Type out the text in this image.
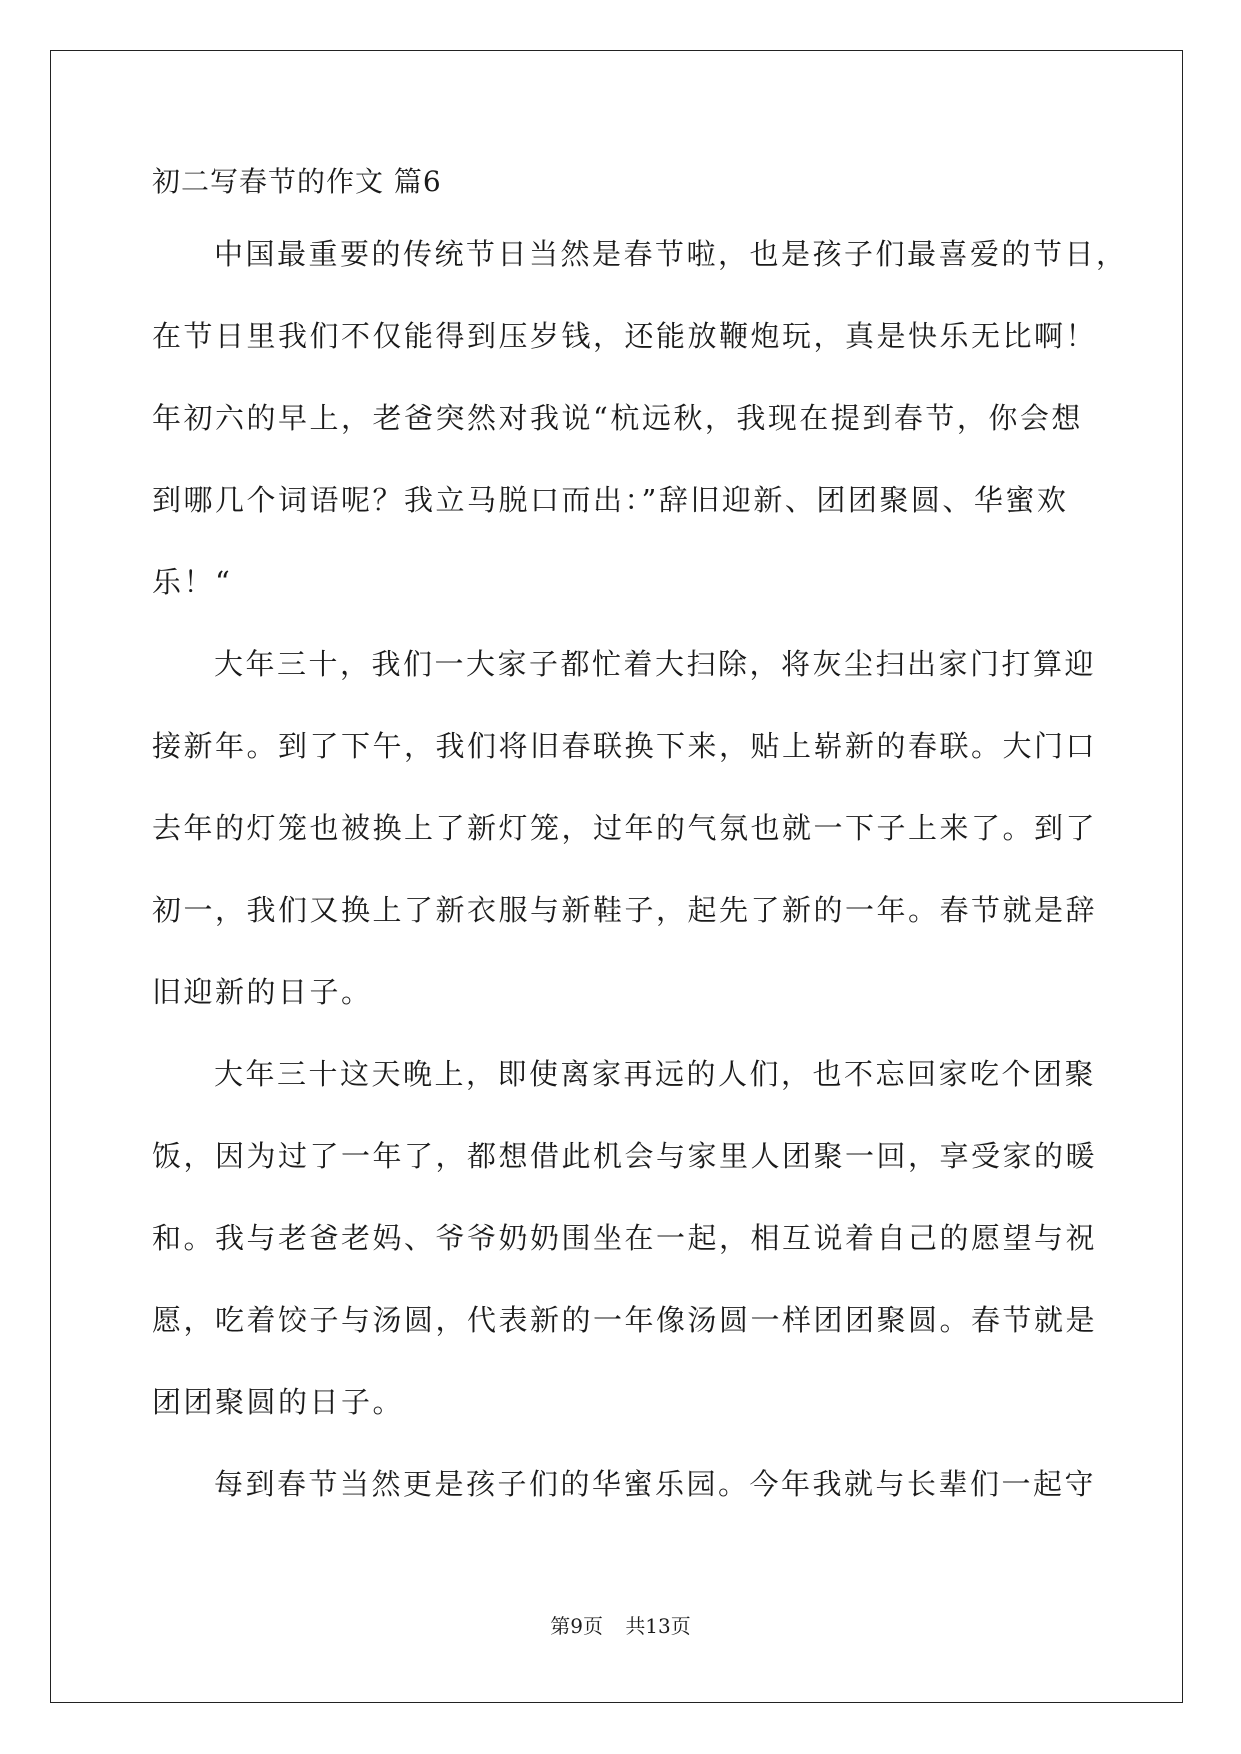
初二写春节的作文 篇6
中国最重要的传统节日当然是春节啦，也是孩子们最喜爱的节日，
在节日里我们不仅能得到压岁钱，还能放鞭炮玩，真是快乐无比啊！
年初六的早上，老爸突然对我说“杭远秋，我现在提到春节，你会想
到哪几个词语呢？我立马脱口而出：”辞旧迎新、团团聚圆、华蜜欢
乐！“
大年三十，我们一大家子都忙着大扫除，将灰尘扫出家门打算迎
接新年。到了下午，我们将旧春联换下来，贴上崭新的春联。大门口
去年的灯笼也被换上了新灯笼，过年的气氛也就一下子上来了。到了
初一，我们又换上了新衣服与新鞋子，起先了新的一年。春节就是辞
旧迎新的日子。
大年三十这天晚上，即使离家再远的人们，也不忘回家吃个团聚
饭，因为过了一年了，都想借此机会与家里人团聚一回，享受家的暖
和。我与老爸老妈、爷爷奶奶围坐在一起，相互说着自己的愿望与祝
愿，吃着饺子与汤圆，代表新的一年像汤圆一样团团聚圆。春节就是
团团聚圆的日子。
每到春节当然更是孩子们的华蜜乐园。今年我就与长辈们一起守
第9页 共13页
